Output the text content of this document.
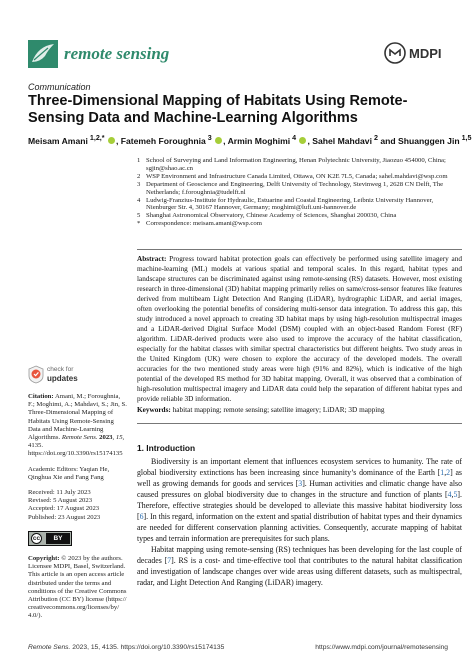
remote sensing	MDPI
Communication
Three-Dimensional Mapping of Habitats Using Remote-Sensing Data and Machine-Learning Algorithms
Meisam Amani $^{1,2,*}$ , Fatemeh Foroughnia $^3$ , Armin Moghimi $^4$ , Sahel Mahdavi $^2$ and Shuanggen Jin $^{1,5}$
1 School of Surveying and Land Information Engineering, Henan Polytechnic University, Jiaozuo 454000, China; sgjin@shao.ac.cn
2 WSP Environment and Infrastructure Canada Limited, Ottawa, ON K2E 7L5, Canada; sahel.mahdavi@wsp.com
3 Department of Geoscience and Engineering, Delft University of Technology, Stevinweg 1, 2628 CN Delft, The Netherlands; f.foroughnia@tudelft.nl
4 Ludwig-Franzius-Institute for Hydraulic, Estuarine and Coastal Engineering, Leibniz University Hannover, Nienburger Str. 4, 30167 Hannover, Germany; moghimi@lufi.uni-hannover.de
5 Shanghai Astronomical Observatory, Chinese Academy of Sciences, Shanghai 200030, China
* Correspondence: meisam.amani@wsp.com
Abstract: Progress toward habitat protection goals can effectively be performed using satellite imagery and machine-learning (ML) models at various spatial and temporal scales. In this regard, habitat types and landscape structures can be discriminated against using remote-sensing (RS) datasets. However, most existing research in three-dimensional (3D) habitat mapping primarily relies on same/cross-sensor features like features derived from multibeam Light Detection And Ranging (LiDAR), hydrographic LiDAR, and aerial images, often overlooking the potential benefits of considering multi-sensor data integration. To address this gap, this study introduced a novel approach to creating 3D habitat maps by using high-resolution multispectral images and a LiDAR-derived Digital Surface Model (DSM) coupled with an object-based Random Forest (RF) algorithm. LiDAR-derived products were also used to improve the accuracy of the habitat classification, especially for the habitat classes with similar spectral characteristics but different heights. Two study areas in the United Kingdom (UK) were chosen to explore the accuracy of the developed models. The overall accuracies for the two mentioned study areas were high (91% and 82%), which is indicative of the high potential of the developed RS method for 3D habitat mapping. Overall, it was observed that a combination of high-resolution multispectral imagery and LiDAR data could help the separation of different habitat types and provide reliable 3D information.
Keywords: habitat mapping; remote sensing; satellite imagery; LiDAR; 3D mapping
check for
updates
Citation: Amani, M.; Foroughnia, F.; Moghimi, A.; Mahdavi, S.; Jin, S. Three-Dimensional Mapping of Habitats Using Remote-Sensing Data and Machine-Learning Algorithms. Remote Sens. 2023, 15, 4135. https://doi.org/10.3390/rs15174135
Academic Editors: Yaqian He, Qinghua Xie and Fang Fang
Received: 11 July 2023
Revised: 5 August 2023
Accepted: 17 August 2023
Published: 23 August 2023
cc	BY
Copyright: © 2023 by the authors. Licensee MDPI, Basel, Switzerland. This article is an open access article distributed under the terms and conditions of the Creative Commons Attribution (CC BY) license (https:// creativecommons.org/licenses/by/ 4.0/).
1. Introduction

Biodiversity is an important element that influences ecosystem services to humanity. The rate of global biodiversity extinctions has been increasing since humanity’s dominance of the Earth [1,2] as well as growing demands for goods and services [3]. Human activities and climatic change have also caused pressures on global biodiversity due to changes in the structure and function of plants [4,5]. Therefore, effective strategies should be developed to alleviate this massive habitat biodiversity loss [6]. In this regard, information on the extent and spatial distribution of habitat types and their dynamics are needed for different conservation planning activities. Consequently, accurate mapping of habitat types and terrain information are prerequisites for such plans.

Habitat mapping using remote-sensing (RS) techniques has been developing for the last couple of decades [7]. RS is a cost- and time-effective tool that contributes to the natural habitat classification and investigation of landscape changes over wide areas using different datasets, such as multispectral, radar, and Light Detection And Ranging (LiDAR) imagery.

Remote Sens. 2023, 15, 4135. https://doi.org/10.3390/rs15174135	https://www.mdpi.com/journal/remotesensing
